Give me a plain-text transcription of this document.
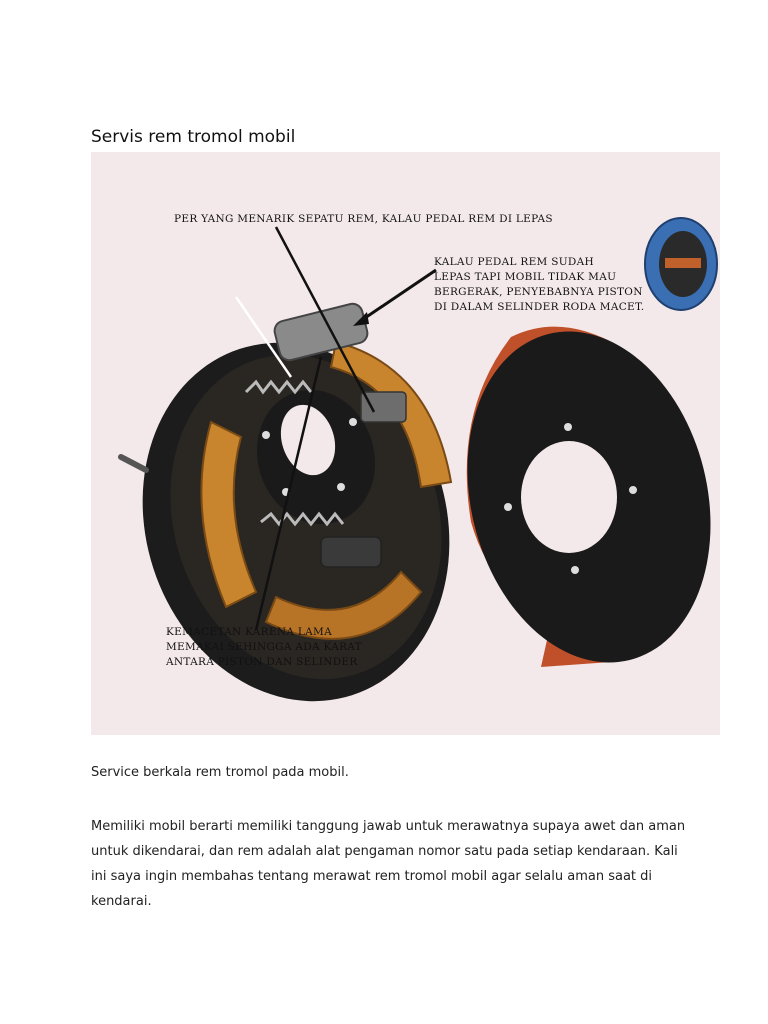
Servis rem tromol mobil
PER YANG MENARIK SEPATU REM, KALAU PEDAL REM DI LEPAS
KALAU PEDAL REM SUDAH
LEPAS TAPI MOBIL TIDAK MAU
BERGERAK, PENYEBABNYA PISTON
DI DALAM SELINDER RODA MACET.
KEMACETAN KARENA LAMA
MEMAKAI SEHINGGA ADA KARAT
ANTARA PISTON DAN SELINDER

Service berkala rem tromol pada mobil.

Memiliki mobil berarti memiliki tanggung jawab untuk merawatnya supaya awet dan aman untuk dikendarai, dan rem adalah alat pengaman nomor satu pada setiap kendaraan. Kali ini saya ingin membahas tentang merawat rem tromol mobil agar selalu aman saat di kendarai.
